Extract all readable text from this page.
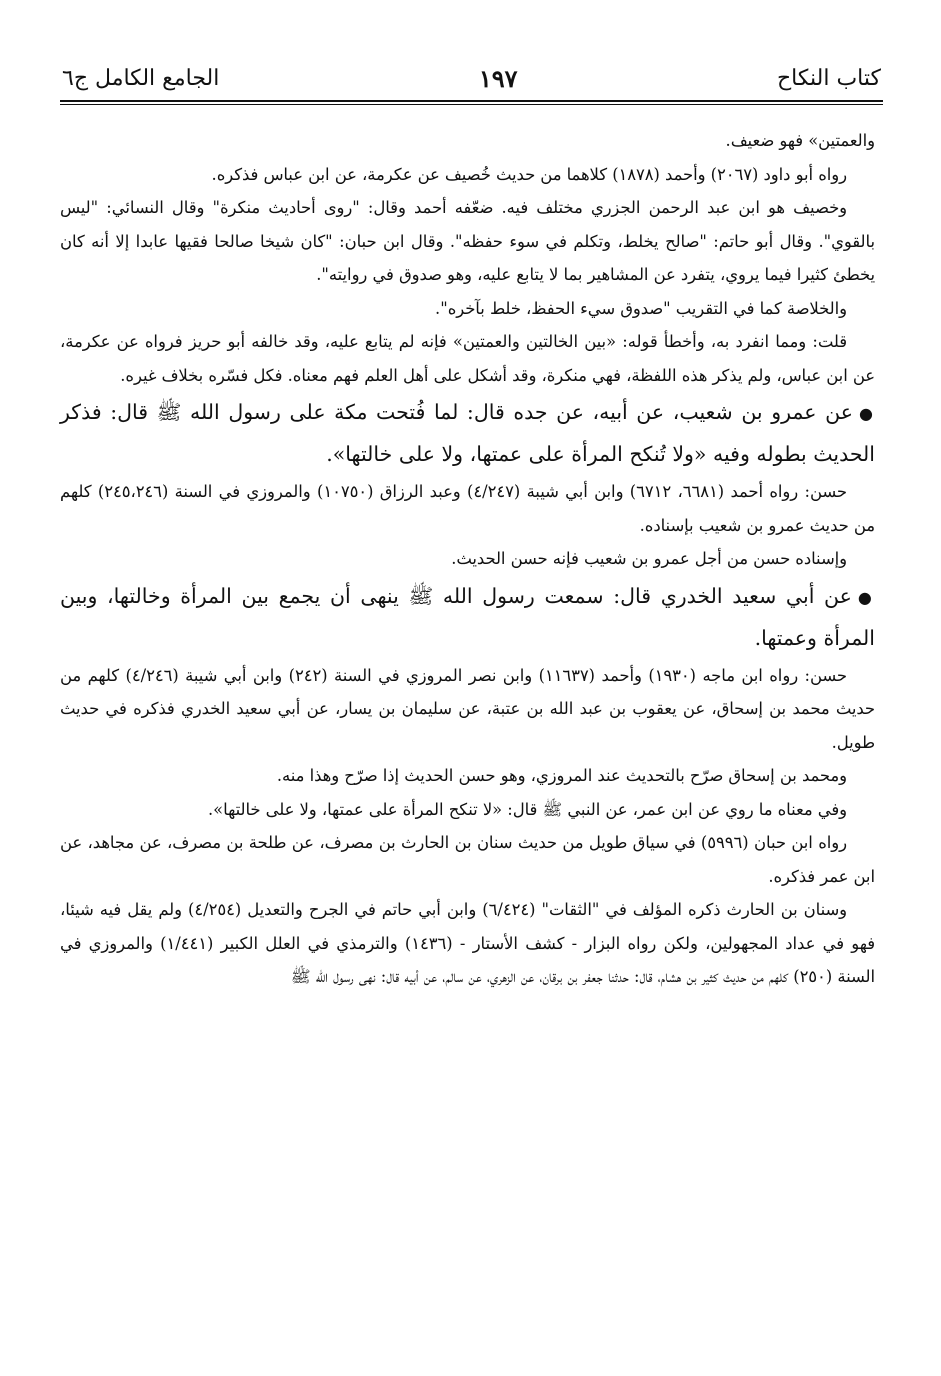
كتاب النكاح
١٩٧
الجامع الكامل ج٦

والعمتين» فهو ضعيف.

رواه أبو داود (٢٠٦٧) وأحمد (١٨٧٨) كلاهما من حديث خُصيف عن عكرمة، عن ابن عباس فذكره.

وخصيف هو ابن عبد الرحمن الجزري مختلف فيه. ضعّفه أحمد وقال: "روى أحاديث منكرة" وقال النسائي: "ليس بالقوي". وقال أبو حاتم: "صالح يخلط، وتكلم في سوء حفظه". وقال ابن حبان: "كان شيخا صالحا فقيها عابدا إلا أنه كان يخطئ كثيرا فيما يروي، يتفرد عن المشاهير بما لا يتابع عليه، وهو صدوق في روايته".

والخلاصة كما في التقريب "صدوق سيء الحفظ، خلط بآخره".

قلت: ومما انفرد به، وأخطأ قوله: «بين الخالتين والعمتين» فإنه لم يتابع عليه، وقد خالفه أبو حريز فرواه عن عكرمة، عن ابن عباس، ولم يذكر هذه اللفظة، فهي منكرة، وقد أشكل على أهل العلم فهم معناه. فكل فسّره بخلاف غيره.

●عن عمرو بن شعيب، عن أبيه، عن جده قال: لما فُتحت مكة على رسول الله ﷺ قال: فذكر الحديث بطوله وفيه «ولا تُنكح المرأة على عمتها، ولا على خالتها».

حسن: رواه أحمد (٦٦٨١، ٦٧١٢) وابن أبي شيبة (٤/٢٤٧) وعبد الرزاق (١٠٧٥٠) والمروزي في السنة (٢٤٥،٢٤٦) كلهم من حديث عمرو بن شعيب بإسناده.

وإسناده حسن من أجل عمرو بن شعيب فإنه حسن الحديث.

●عن أبي سعيد الخدري قال: سمعت رسول الله ﷺ ينهى أن يجمع بين المرأة وخالتها، وبين المرأة وعمتها.

حسن: رواه ابن ماجه (١٩٣٠) وأحمد (١١٦٣٧) وابن نصر المروزي في السنة (٢٤٢) وابن أبي شيبة (٤/٢٤٦) كلهم من حديث محمد بن إسحاق، عن يعقوب بن عبد الله بن عتبة، عن سليمان بن يسار، عن أبي سعيد الخدري فذكره في حديث طويل.

ومحمد بن إسحاق صرّح بالتحديث عند المروزي، وهو حسن الحديث إذا صرّح وهذا منه.

وفي معناه ما روي عن ابن عمر، عن النبي ﷺ قال: «لا تنكح المرأة على عمتها، ولا على خالتها».

رواه ابن حبان (٥٩٩٦) في سياق طويل من حديث سنان بن الحارث بن مصرف، عن طلحة بن مصرف، عن مجاهد، عن ابن عمر فذكره.

وسنان بن الحارث ذكره المؤلف في "الثقات" (٦/٤٢٤) وابن أبي حاتم في الجرح والتعديل (٤/٢٥٤) ولم يقل فيه شيئا، فهو في عداد المجهولين، ولكن رواه البزار - كشف الأستار - (١٤٣٦) والترمذي في العلل الكبير (١/٤٤١) والمروزي في السنة (٢٥٠) كلهم من حديث كثير بن هشام، قال: حدثنا جعفر بن برقان، عن الزهري، عن سالم، عن أبيه قال: نهى رسول الله ﷺ
